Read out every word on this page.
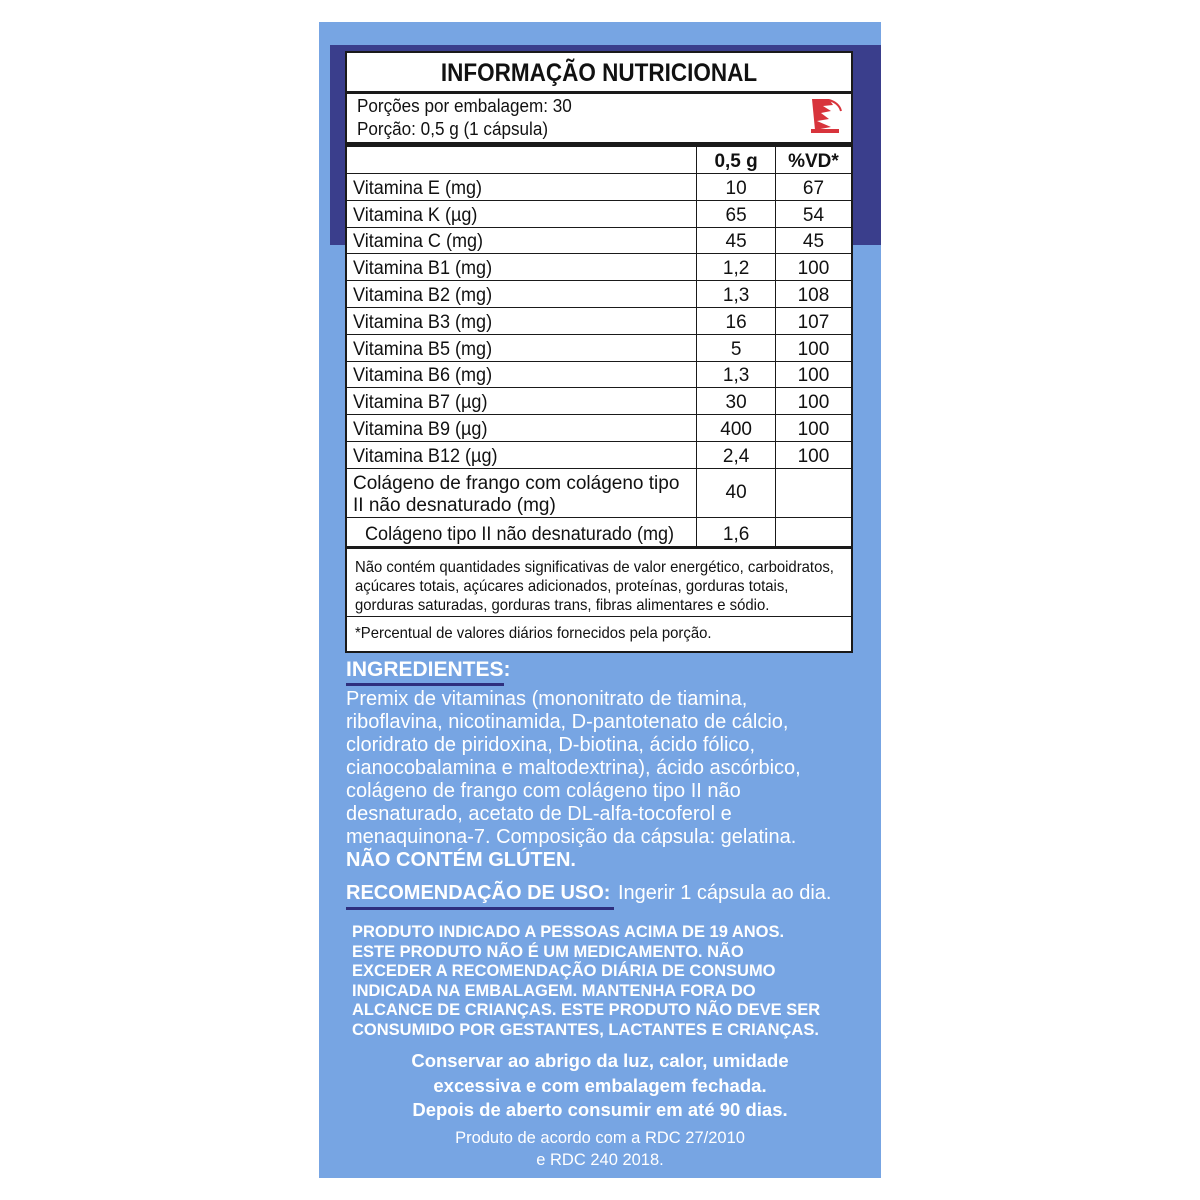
INFORMAÇÃO NUTRICIONAL
Porções por embalagem: 30
Porção: 0,5 g (1 cápsula)
	0,5 g	%VD*
Vitamina E (mg)	10	67
Vitamina K (µg)	65	54
Vitamina C (mg)	45	45
Vitamina B1 (mg)	1,2	100
Vitamina B2 (mg)	1,3	108
Vitamina B3 (mg)	16	107
Vitamina B5 (mg)	5	100
Vitamina B6 (mg)	1,3	100
Vitamina B7 (µg)	30	100
Vitamina B9 (µg)	400	100
Vitamina B12 (µg)	2,4	100
Colágeno de frango com colágeno tipo II não desnaturado (mg)	40	
Colágeno tipo II não desnaturado (mg)	1,6	
Não contém quantidades significativas de valor energético, carboidratos,
açúcares totais, açúcares adicionados, proteínas, gorduras totais,
gorduras saturadas, gorduras trans, fibras alimentares e sódio.
*Percentual de valores diários fornecidos pela porção.
INGREDIENTES:
Premix de vitaminas (mononitrato de tiamina,
riboflavina, nicotinamida, D-pantotenato de cálcio,
cloridrato de piridoxina, D-biotina, ácido fólico,
cianocobalamina e maltodextrina), ácido ascórbico,
colágeno de frango com colágeno tipo II não
desnaturado, acetato de DL-alfa-tocoferol e
menaquinona-7. Composição da cápsula: gelatina.
NÃO CONTÉM GLÚTEN.
RECOMENDAÇÃO DE USO: Ingerir 1 cápsula ao dia.
PRODUTO INDICADO A PESSOAS ACIMA DE 19 ANOS.
ESTE PRODUTO NÃO É UM MEDICAMENTO. NÃO
EXCEDER A RECOMENDAÇÃO DIÁRIA DE CONSUMO
INDICADA NA EMBALAGEM. MANTENHA FORA DO
ALCANCE DE CRIANÇAS. ESTE PRODUTO NÃO DEVE SER
CONSUMIDO POR GESTANTES, LACTANTES E CRIANÇAS.
Conservar ao abrigo da luz, calor, umidade
excessiva e com embalagem fechada.
Depois de aberto consumir em até 90 dias.
Produto de acordo com a RDC 27/2010
e RDC 240 2018.
